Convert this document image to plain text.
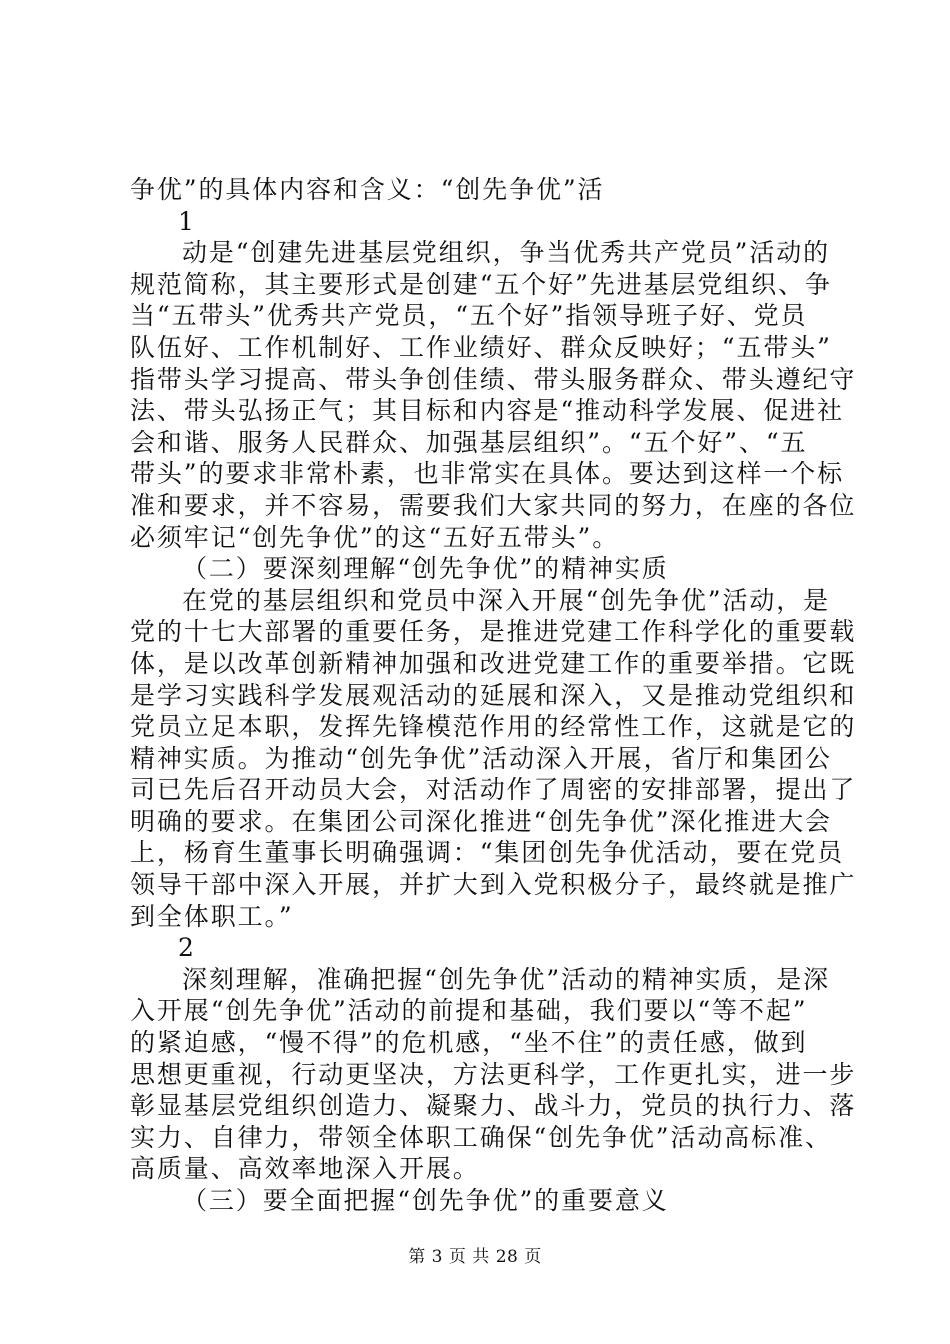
争优”的具体内容和含义：“创先争优”活
1
动是“创建先进基层党组织，争当优秀共产党员”活动的
规范简称，其主要形式是创建“五个好”先进基层党组织、争
当“五带头”优秀共产党员，“五个好”指领导班子好、党员
队伍好、工作机制好、工作业绩好、群众反映好；“五带头”
指带头学习提高、带头争创佳绩、带头服务群众、带头遵纪守
法、带头弘扬正气；其目标和内容是“推动科学发展、促进社
会和谐、服务人民群众、加强基层组织”。“五个好”、“五
带头”的要求非常朴素，也非常实在具体。要达到这样一个标
准和要求，并不容易，需要我们大家共同的努力，在座的各位
必须牢记“创先争优”的这“五好五带头”。
（二）要深刻理解“创先争优”的精神实质
在党的基层组织和党员中深入开展“创先争优”活动，是
党的十七大部署的重要任务，是推进党建工作科学化的重要载
体，是以改革创新精神加强和改进党建工作的重要举措。它既
是学习实践科学发展观活动的延展和深入，又是推动党组织和
党员立足本职，发挥先锋模范作用的经常性工作，这就是它的
精神实质。为推动“创先争优”活动深入开展，省厅和集团公
司已先后召开动员大会，对活动作了周密的安排部署，提出了
明确的要求。在集团公司深化推进“创先争优”深化推进大会
上，杨育生董事长明确强调：“集团创先争优活动，要在党员
领导干部中深入开展，并扩大到入党积极分子，最终就是推广
到全体职工。”
2
深刻理解，准确把握“创先争优”活动的精神实质，是深
入开展“创先争优”活动的前提和基础，我们要以“等不起”
的紧迫感，“慢不得”的危机感，“坐不住”的责任感，做到
思想更重视，行动更坚决，方法更科学，工作更扎实，进一步
彰显基层党组织创造力、凝聚力、战斗力，党员的执行力、落
实力、自律力，带领全体职工确保“创先争优”活动高标准、
高质量、高效率地深入开展。
（三）要全面把握“创先争优”的重要意义
第 3 页 共 28 页
